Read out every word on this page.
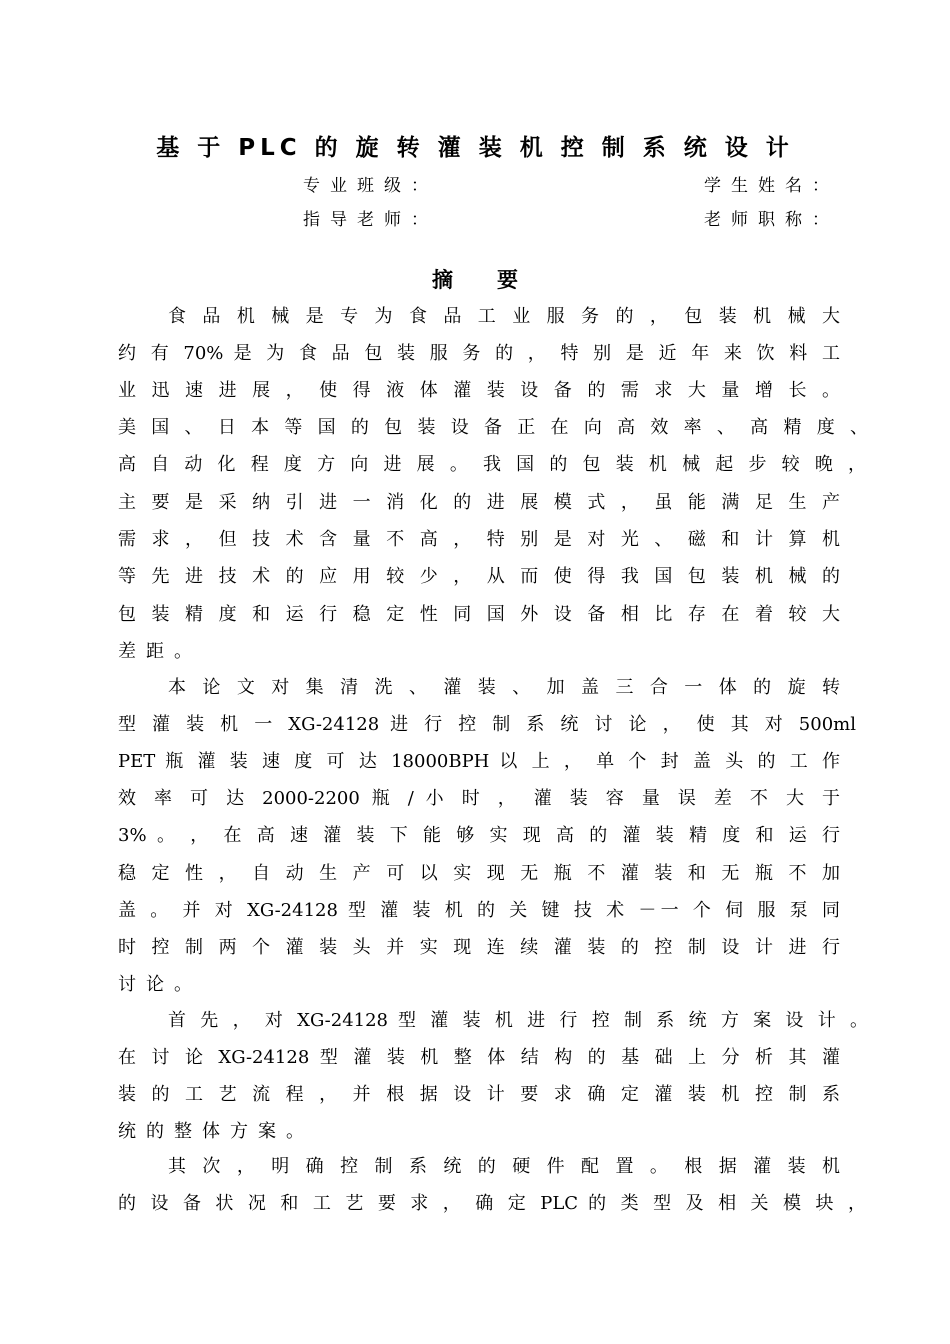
基 于 PLC 的 旋 转 灌 装 机 控 制 系 统 设 计
专业班级：	学生姓名：
指导老师：	老师职称：
摘要
食 品 机 械 是 专 为 食 品 工 业 服 务 的 ， 包 装 机 械 大
约 有 70% 是 为 食 品 包 装 服 务 的 ， 特 别 是 近 年 来 饮 料 工
业 迅 速 进 展 ， 使 得 液 体 灌 装 设 备 的 需 求 大 量 增 长 。
美 国 、 日 本 等 国 的 包 装 设 备 正 在 向 高 效 率 、 高 精 度 、
高 自 动 化 程 度 方 向 进 展 。 我 国 的 包 装 机 械 起 步 较 晚 ，
主 要 是 采 纳 引 进 一 消 化 的 进 展 模 式 ， 虽 能 满 足 生 产
需 求 ， 但 技 术 含 量 不 高 ， 特 别 是 对 光 、 磁 和 计 算 机
等 先 进 技 术 的 应 用 较 少 ， 从 而 使 得 我 国 包 装 机 械 的
包 装 精 度 和 运 行 稳 定 性 同 国 外 设 备 相 比 存 在 着 较 大
差距。
本 论 文 对 集 清 洗 、 灌 装 、 加 盖 三 合 一 体 的 旋 转
型 灌 装 机 一 XG-24128 进 行 控 制 系 统 讨 论 ， 使 其 对 500ml
PET 瓶 灌 装 速 度 可 达 18000BPH 以 上 ， 单 个 封 盖 头 的 工 作
效 率 可 达 2000-2200 瓶 / 小 时 ， 灌 装 容 量 误 差 不 大 于
3% 。 ， 在 高 速 灌 装 下 能 够 实 现 高 的 灌 装 精 度 和 运 行
稳 定 性 ， 自 动 生 产 可 以 实 现 无 瓶 不 灌 装 和 无 瓶 不 加
盖 。 并 对 XG-24128 型 灌 装 机 的 关 键 技 术 －一 个 伺 服 泵 同
时 控 制 两 个 灌 装 头 并 实 现 连 续 灌 装 的 控 制 设 计 进 行
讨论。
首 先 ， 对 XG-24128 型 灌 装 机 进 行 控 制 系 统 方 案 设 计 。
在 讨 论 XG-24128 型 灌 装 机 整 体 结 构 的 基 础 上 分 析 其 灌
装 的 工 艺 流 程 ， 并 根 据 设 计 要 求 确 定 灌 装 机 控 制 系
统的整体方案。
其 次 ， 明 确 控 制 系 统 的 硬 件 配 置 。 根 据 灌 装 机
的 设 备 状 况 和 工 艺 要 求 ， 确 定 PLC 的 类 型 及 相 关 模 块 ，
